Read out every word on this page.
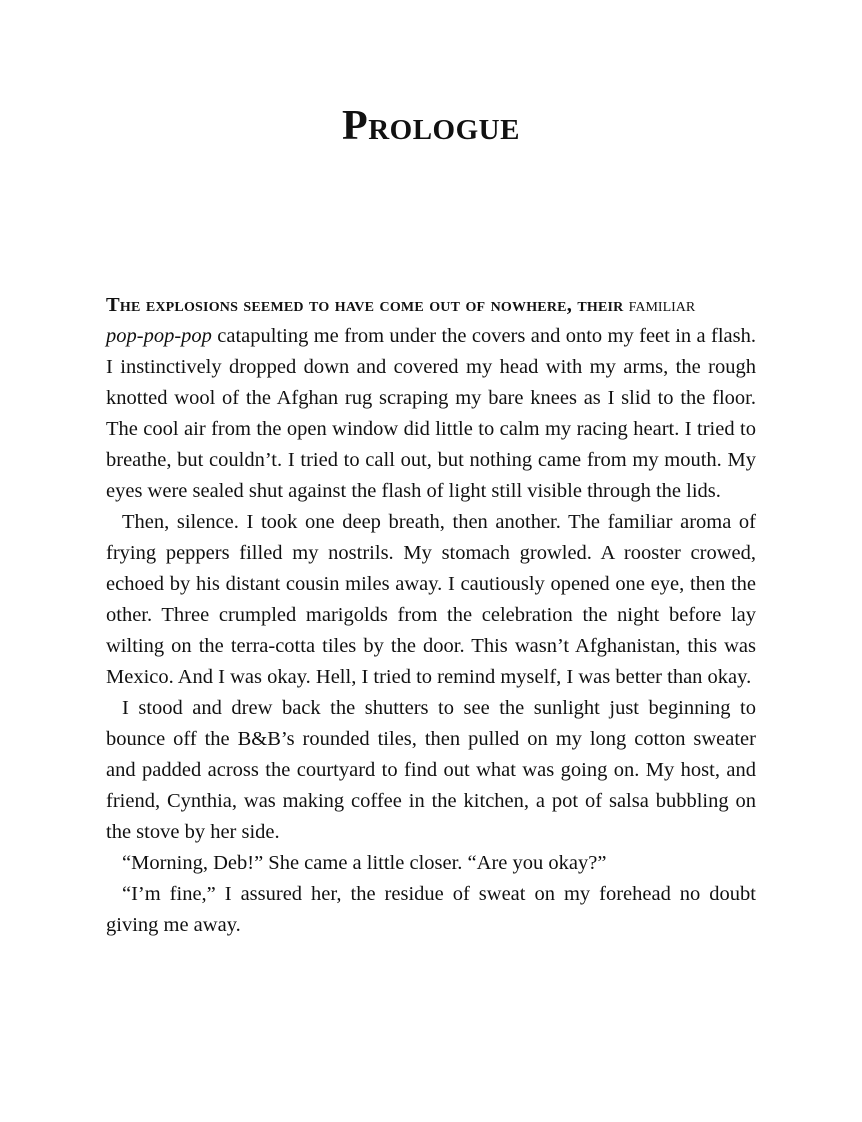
Prologue

The explosions seemed to have come out of nowhere, their familiar
pop-pop-pop catapulting me from under the covers and onto my feet in a flash. I instinctively dropped down and covered my head with my arms, the rough knotted wool of the Afghan rug scraping my bare knees as I slid to the floor. The cool air from the open window did little to calm my racing heart. I tried to breathe, but couldn’t. I tried to call out, but nothing came from my mouth. My eyes were sealed shut against the flash of light still visible through the lids.

Then, silence. I took one deep breath, then another. The familiar aroma of frying peppers filled my nostrils. My stomach growled. A rooster crowed, echoed by his distant cousin miles away. I cautiously opened one eye, then the other. Three crumpled marigolds from the celebration the night before lay wilting on the terra-cotta tiles by the door. This wasn’t Afghanistan, this was Mexico. And I was okay. Hell, I tried to remind myself, I was better than okay.

I stood and drew back the shutters to see the sunlight just beginning to bounce off the B&B’s rounded tiles, then pulled on my long cotton sweater and padded across the courtyard to find out what was going on. My host, and friend, Cynthia, was making coffee in the kitchen, a pot of salsa bubbling on the stove by her side.

“Morning, Deb!” She came a little closer. “Are you okay?”

“I’m fine,” I assured her, the residue of sweat on my forehead no doubt giving me away.
